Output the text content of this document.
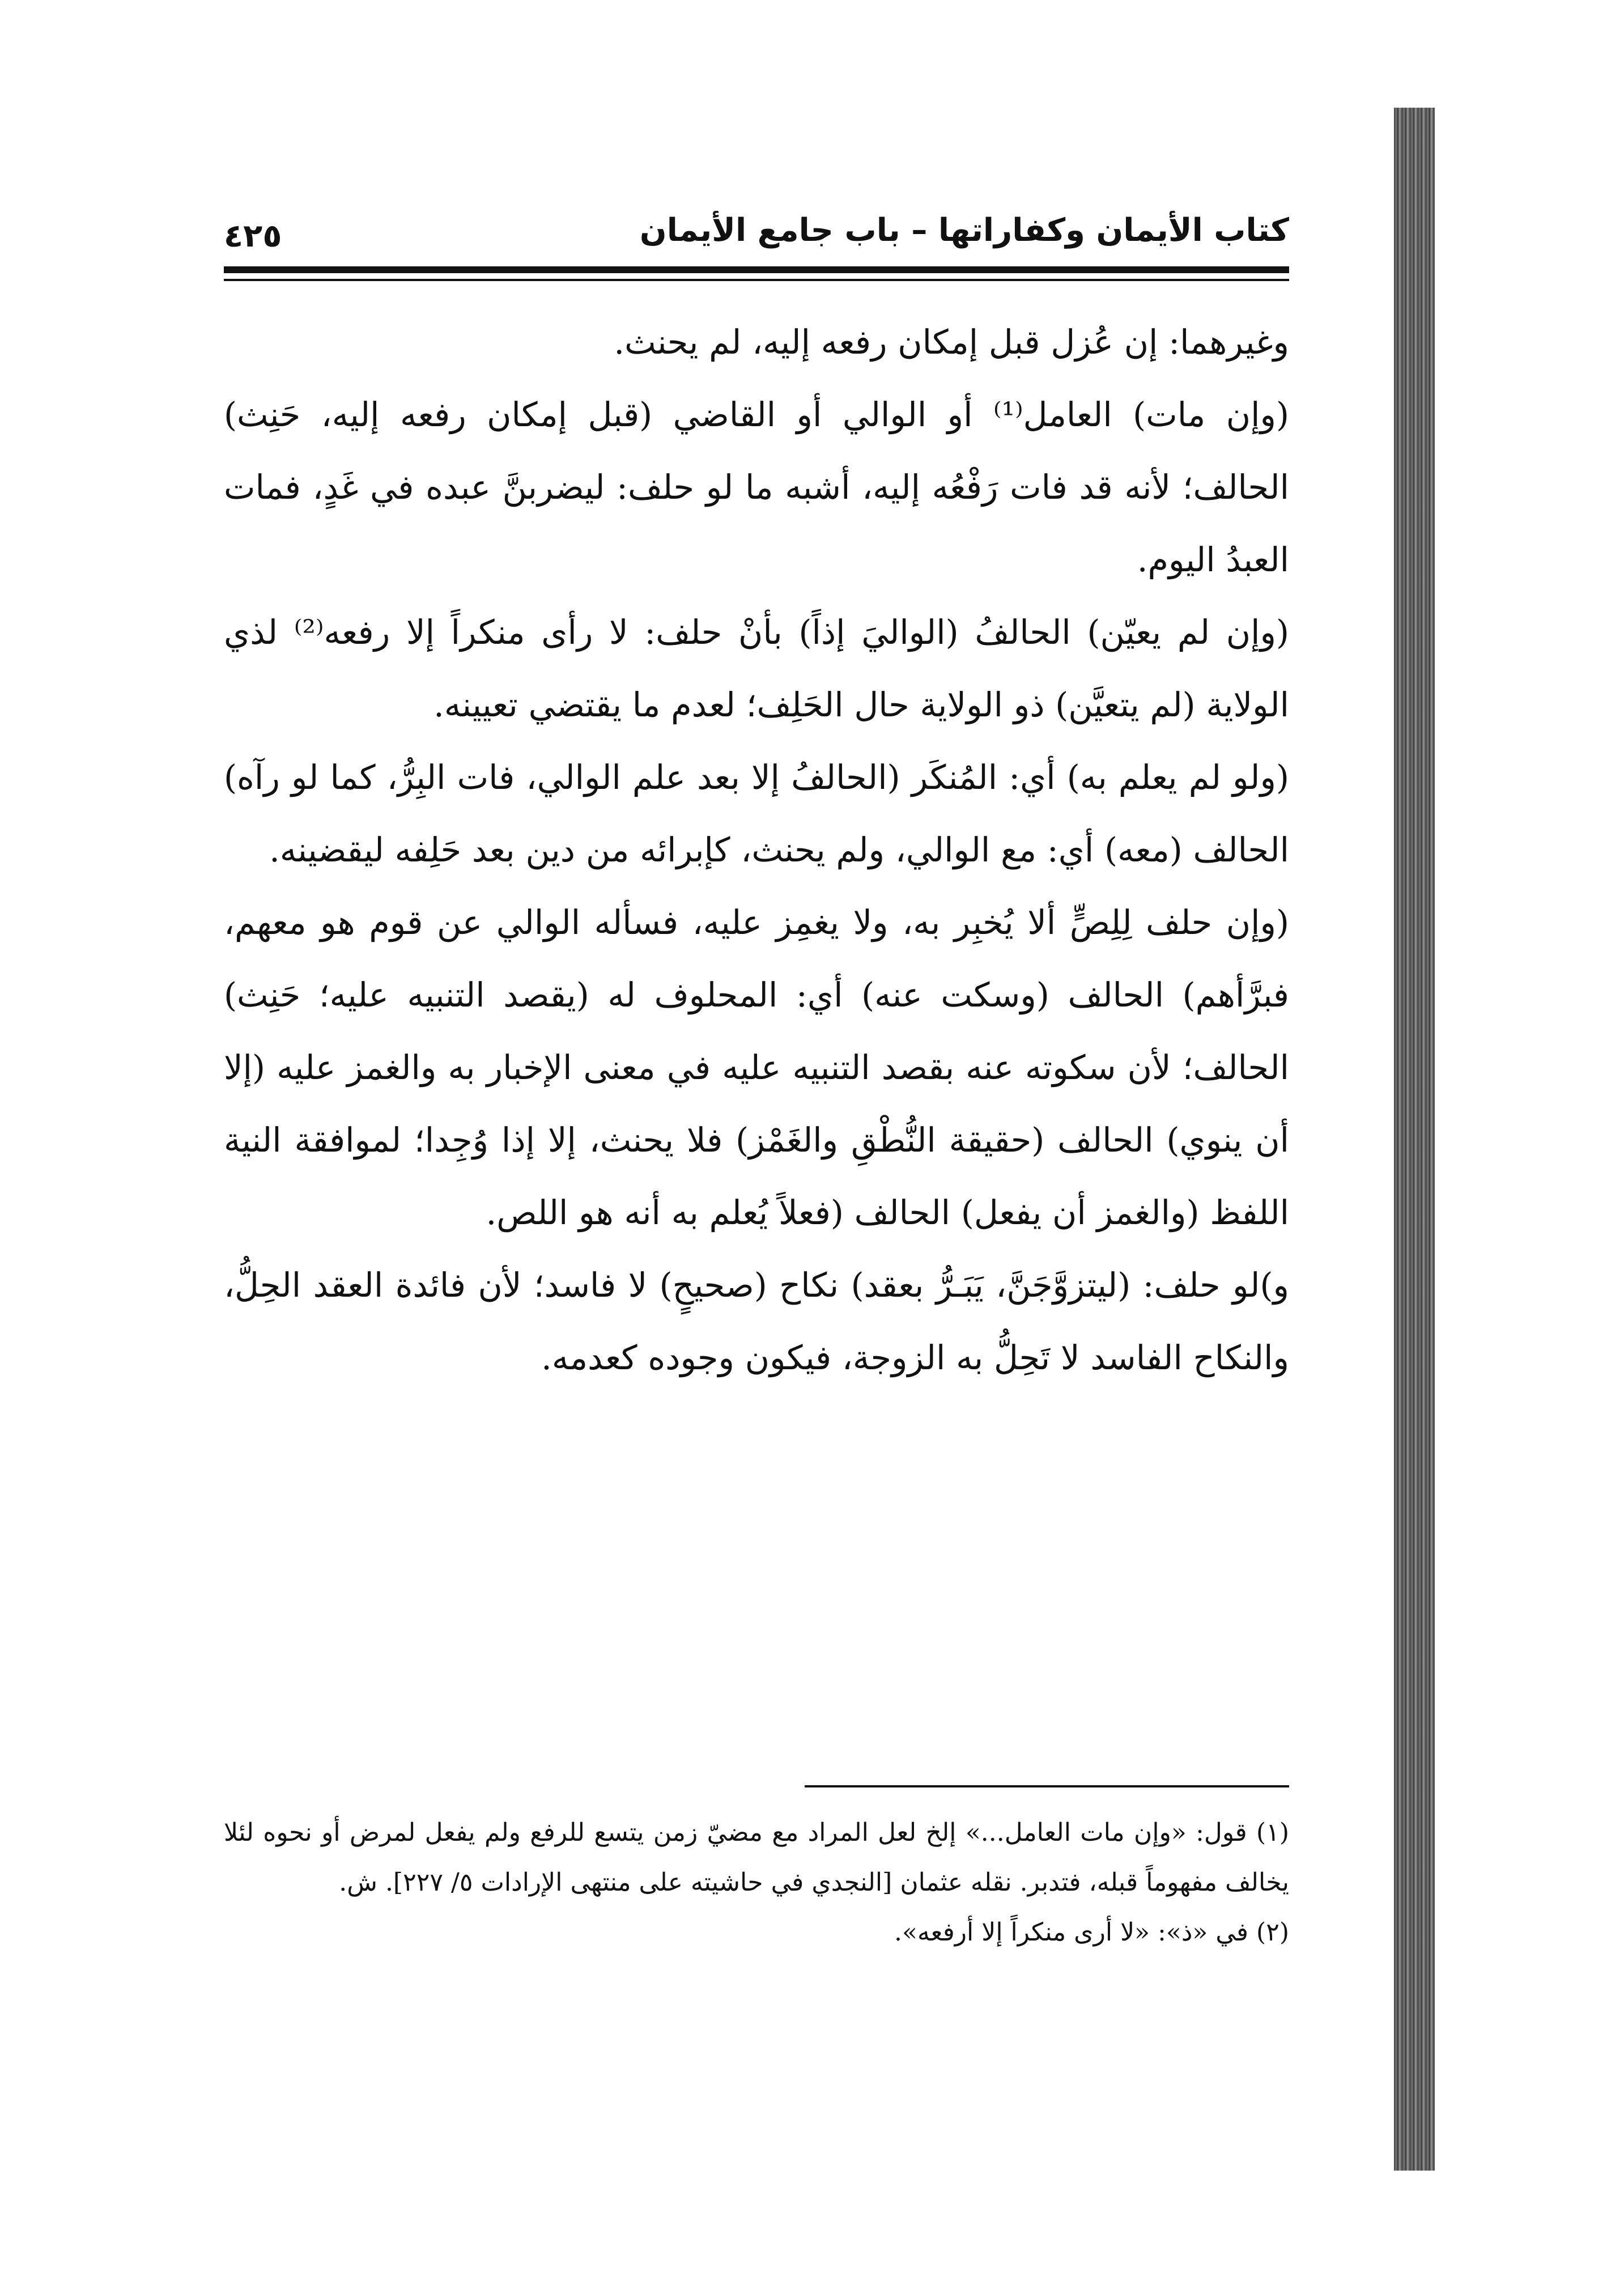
كتاب الأيمان وكفاراتها – باب جامع الأيمان
٤٢٥

وغيرهما: إن عُزل قبل إمكان رفعه إليه، لم يحنث.

(وإن مات) العامل⁽¹⁾ أو الوالي أو القاضي (قبل إمكان رفعه إليه، حَنِث) الحالف؛ لأنه قد فات رَفْعُه إليه، أشبه ما لو حلف: ليضربنَّ عبده في غَدٍ، فمات العبدُ اليوم.

(وإن لم يعيّن) الحالفُ (الواليَ إذاً) بأنْ حلف: لا رأى منكراً إلا رفعه⁽²⁾ لذي الولاية (لم يتعيَّن) ذو الولاية حال الحَلِف؛ لعدم ما يقتضي تعيينه.

(ولو لم يعلم به) أي: المُنكَر (الحالفُ إلا بعد علم الوالي، فات البِرُّ، كما لو رآه) الحالف (معه) أي: مع الوالي، ولم يحنث، كإبرائه من دين بعد حَلِفه ليقضينه.

(وإن حلف لِلِصٍّ ألا يُخبِر به، ولا يغمِز عليه، فسأله الوالي عن قوم هو معهم، فبرَّأهم) الحالف (وسكت عنه) أي: المحلوف له (يقصد التنبيه عليه؛ حَنِث) الحالف؛ لأن سكوته عنه بقصد التنبيه عليه في معنى الإخبار به والغمز عليه (إلا أن ينوي) الحالف (حقيقة النُّطْقِ والغَمْز) فلا يحنث، إلا إذا وُجِدا؛ لموافقة النية اللفظ (والغمز أن يفعل) الحالف (فعلاً يُعلم به أنه هو اللص.

و)لو حلف: (ليتزوَّجَنَّ، يَبَـرُّ بعقد) نكاح (صحيحٍ) لا فاسد؛ لأن فائدة العقد الحِلُّ، والنكاح الفاسد لا تَحِلُّ به الزوجة، فيكون وجوده كعدمه.

(١) قول: «وإن مات العامل...» إلخ لعل المراد مع مضيّ زمن يتسع للرفع ولم يفعل لمرض أو نحوه لئلا يخالف مفهوماً قبله، فتدبر. نقله عثمان [النجدي في حاشيته على منتهى الإرادات ٥/ ٢٢٧]. ش.

(٢) في «ذ»: «لا أرى منكراً إلا أرفعه».
